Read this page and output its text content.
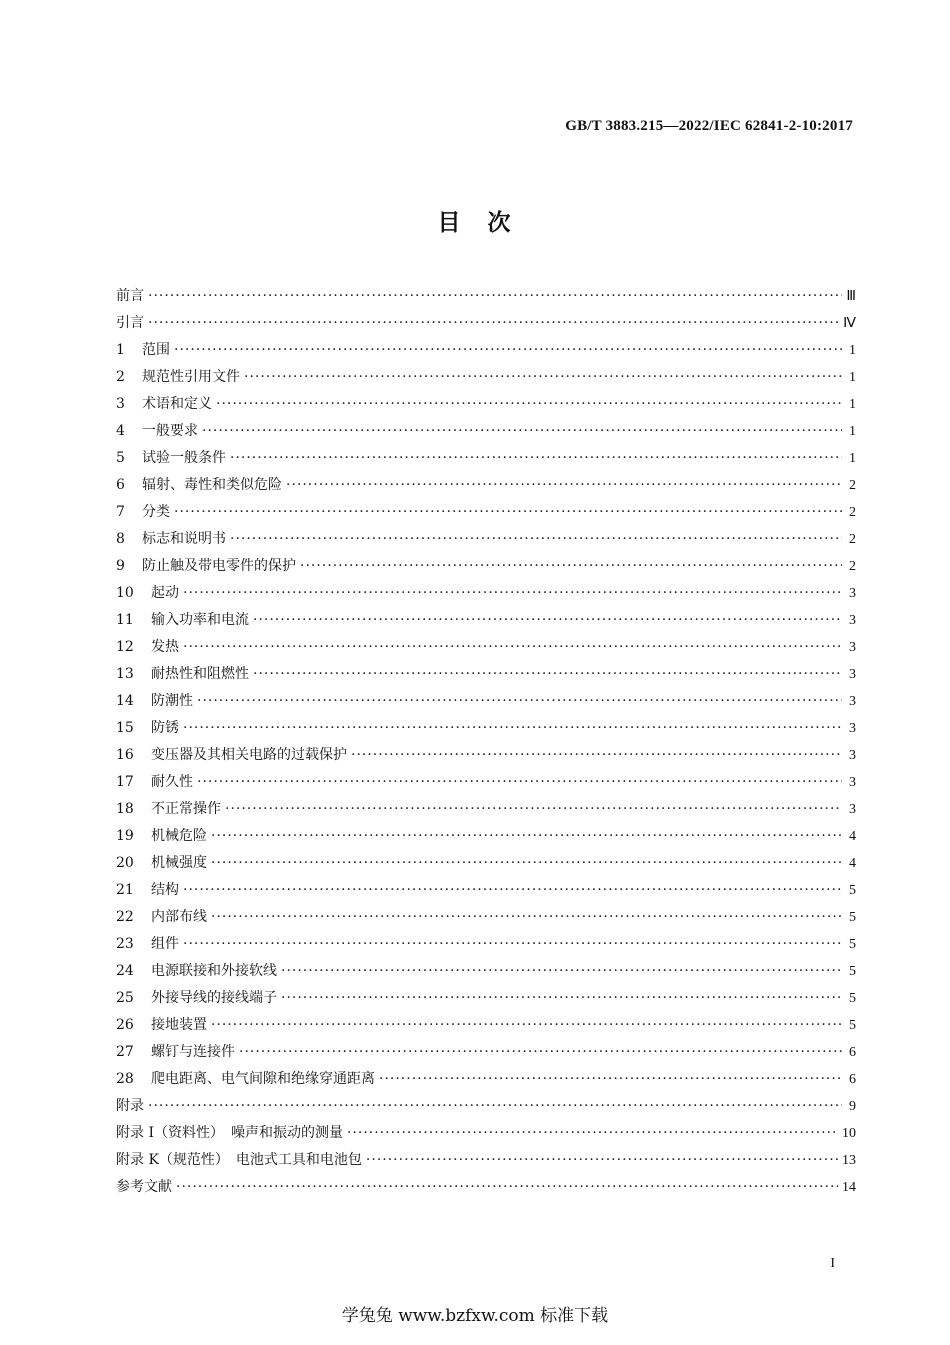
GB/T 3883.215—2022/IEC 62841-2-10:2017
目　次
前言 ·····	Ⅲ
引言 ·····	Ⅳ
1	范围 ·····	1
2	规范性引用文件 ·····	1
3	术语和定义 ·····	1
4	一般要求 ·····	1
5	试验一般条件 ·····	1
6	辐射、毒性和类似危险 ·····	2
7	分类 ·····	2
8	标志和说明书 ·····	2
9	防止触及带电零件的保护 ·····	2
10	起动 ·····	3
11	输入功率和电流 ·····	3
12	发热 ·····	3
13	耐热性和阻燃性 ·····	3
14	防潮性 ·····	3
15	防锈 ·····	3
16	变压器及其相关电路的过载保护 ·····	3
17	耐久性 ·····	3
18	不正常操作 ·····	3
19	机械危险 ·····	4
20	机械强度 ·····	4
21	结构 ·····	5
22	内部布线 ·····	5
23	组件 ·····	5
24	电源联接和外接软线 ·····	5
25	外接导线的接线端子 ·····	5
26	接地装置 ·····	5
27	螺钉与连接件 ·····	6
28	爬电距离、电气间隙和绝缘穿通距离 ·····	6
附录 ·····	9
附录 I（资料性）　噪声和振动的测量 ·····	10
附录 K（规范性）　电池式工具和电池包 ·····	13
参考文献 ·····	14
I
学兔兔 www.bzfxw.com 标准下载
